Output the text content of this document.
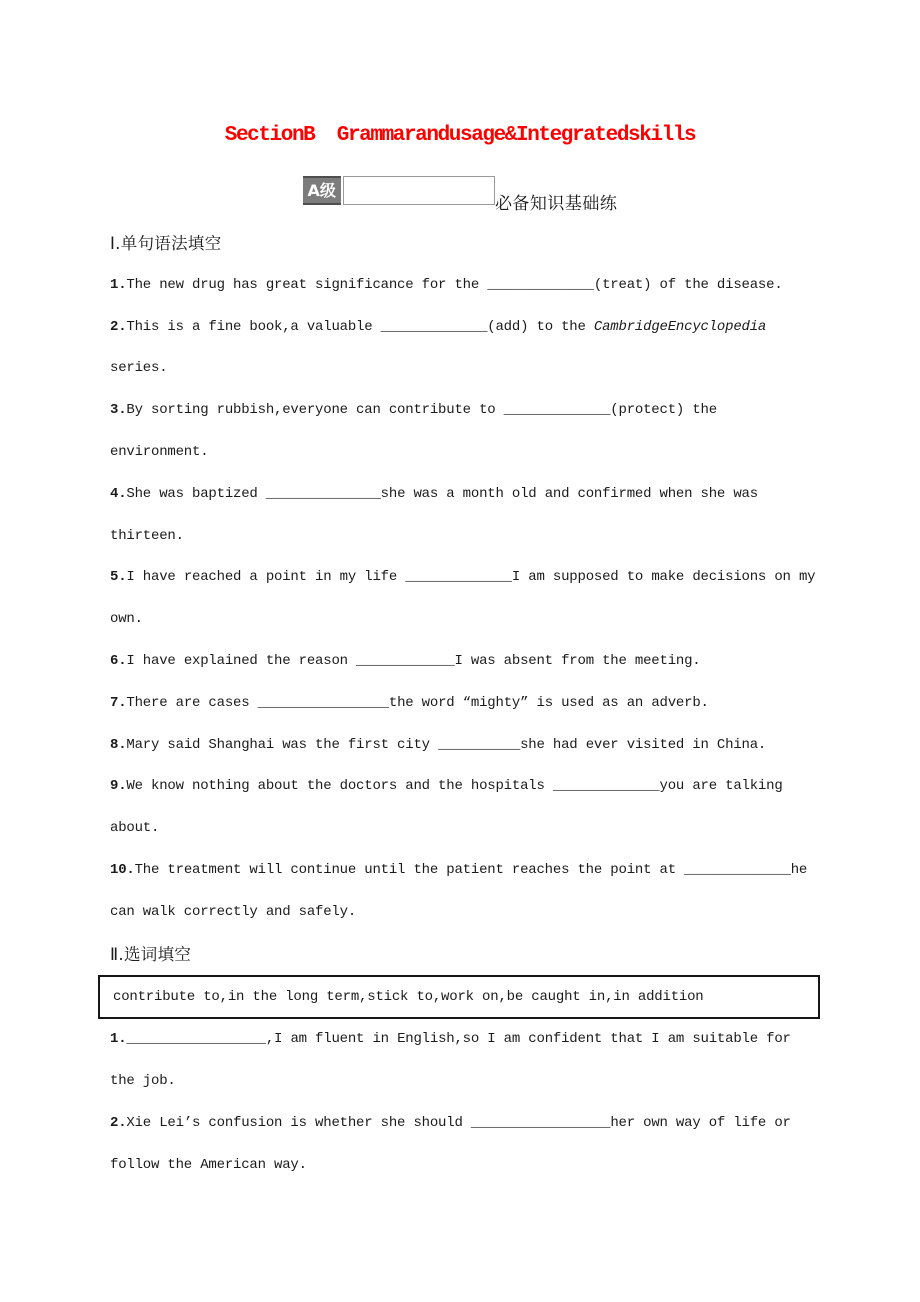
SectionB  Grammarandusage&Integratedskills
A级
必备知识基础练
Ⅰ.单句语法填空
1.The new drug has great significance for the _____________(treat) of the disease.
2.This is a fine book,a valuable _____________(add) to the CambridgeEncyclopedia
series.
3.By sorting rubbish,everyone can contribute to _____________(protect) the
environment.
4.She was baptized ______________she was a month old and confirmed when she was
thirteen.
5.I have reached a point in my life _____________I am supposed to make decisions on my
own.
6.I have explained the reason ____________I was absent from the meeting.
7.There are cases ________________the word “mighty” is used as an adverb.
8.Mary said Shanghai was the first city __________she had ever visited in China.
9.We know nothing about the doctors and the hospitals _____________you are talking
about.
10.The treatment will continue until the patient reaches the point at _____________he
can walk correctly and safely.
Ⅱ.选词填空
contribute to,in the long term,stick to,work on,be caught in,in addition
1._________________,I am fluent in English,so I am confident that I am suitable for
the job.
2.Xie Lei’s confusion is whether she should _________________her own way of life or
follow the American way.
